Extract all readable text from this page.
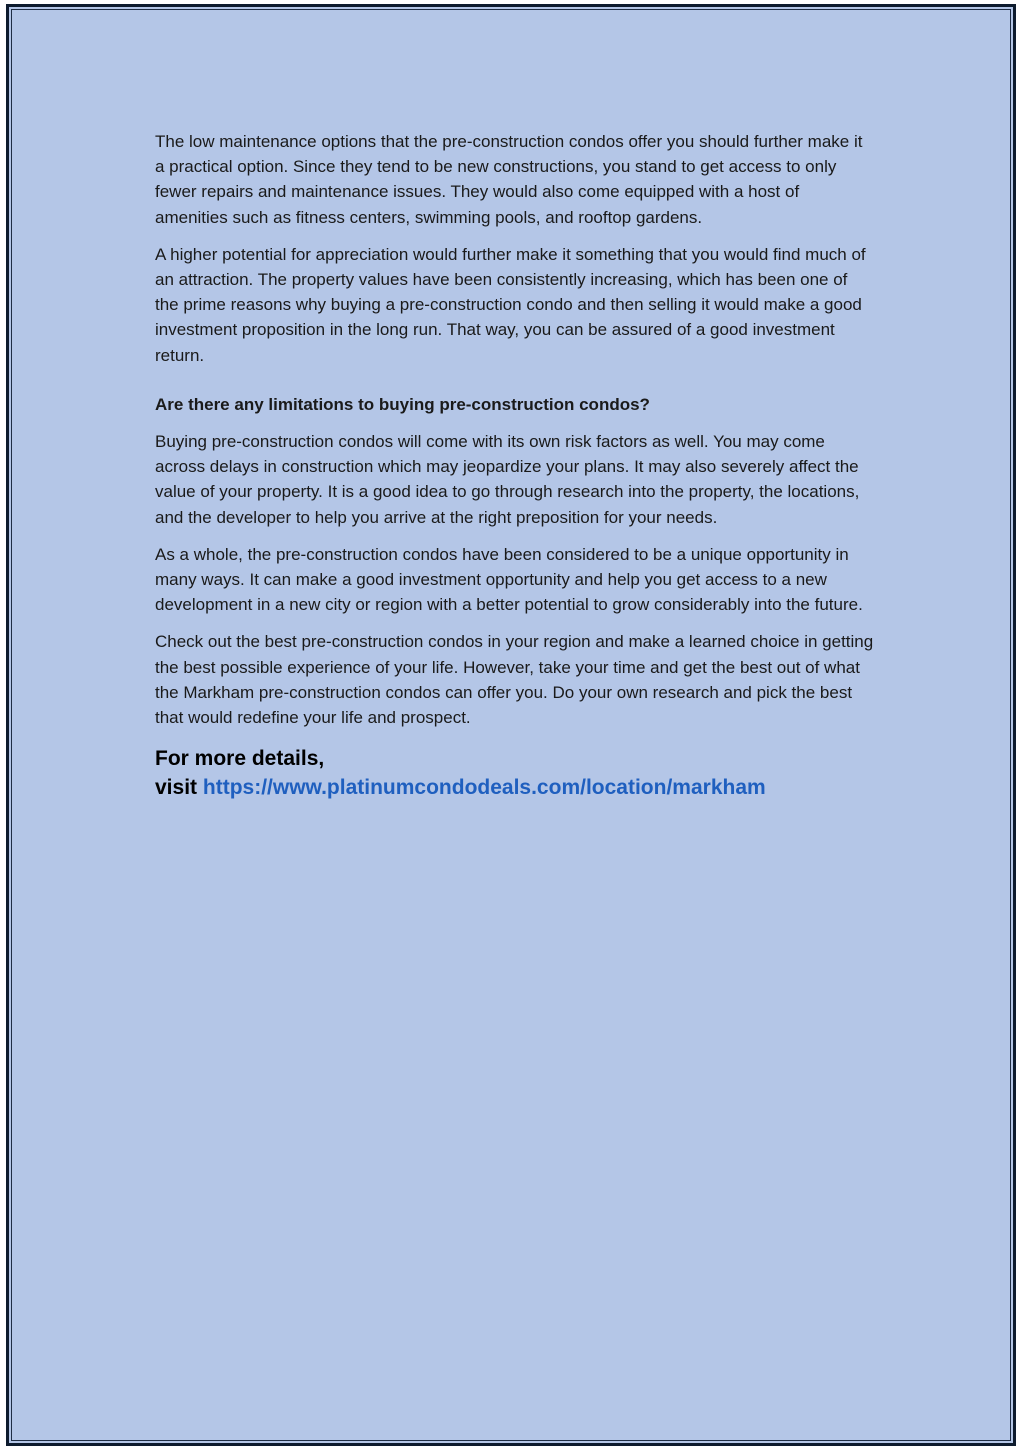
The low maintenance options that the pre-construction condos offer you should further make it a practical option. Since they tend to be new constructions, you stand to get access to only fewer repairs and maintenance issues. They would also come equipped with a host of amenities such as fitness centers, swimming pools, and rooftop gardens.

A higher potential for appreciation would further make it something that you would find much of an attraction. The property values have been consistently increasing, which has been one of the prime reasons why buying a pre-construction condo and then selling it would make a good investment proposition in the long run. That way, you can be assured of a good investment return.

Are there any limitations to buying pre-construction condos?

Buying pre-construction condos will come with its own risk factors as well. You may come across delays in construction which may jeopardize your plans. It may also severely affect the value of your property. It is a good idea to go through research into the property, the locations, and the developer to help you arrive at the right preposition for your needs.

As a whole, the pre-construction condos have been considered to be a unique opportunity in many ways. It can make a good investment opportunity and help you get access to a new development in a new city or region with a better potential to grow considerably into the future.

Check out the best pre-construction condos in your region and make a learned choice in getting the best possible experience of your life. However, take your time and get the best out of what the Markham pre-construction condos can offer you. Do your own research and pick the best that would redefine your life and prospect.

For more details,
visit https://www.platinumcondodeals.com/location/markham
